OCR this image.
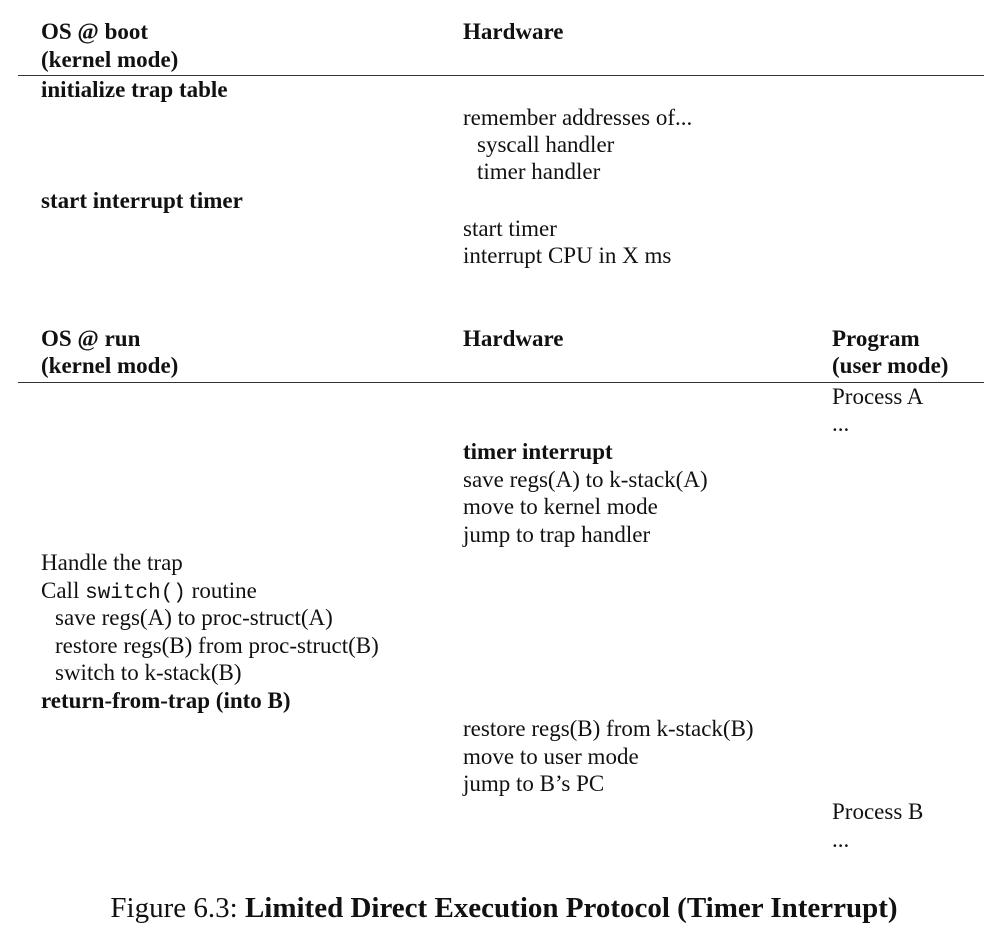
OS @ boot
(kernel mode)
Hardware
initialize trap table
remember addresses of...
syscall handler
timer handler
start interrupt timer
start timer
interrupt CPU in X ms
OS @ run
(kernel mode)
Hardware	Program
(user mode)
Process A
...
timer interrupt
save regs(A) to k-stack(A)
move to kernel mode
jump to trap handler
Handle the trap
Call switch() routine
save regs(A) to proc-struct(A)
restore regs(B) from proc-struct(B)
switch to k-stack(B)
return-from-trap (into B)
restore regs(B) from k-stack(B)
move to user mode
jump to B’s PC
Process B
...
Figure 6.3: Limited Direct Execution Protocol (Timer Interrupt)
